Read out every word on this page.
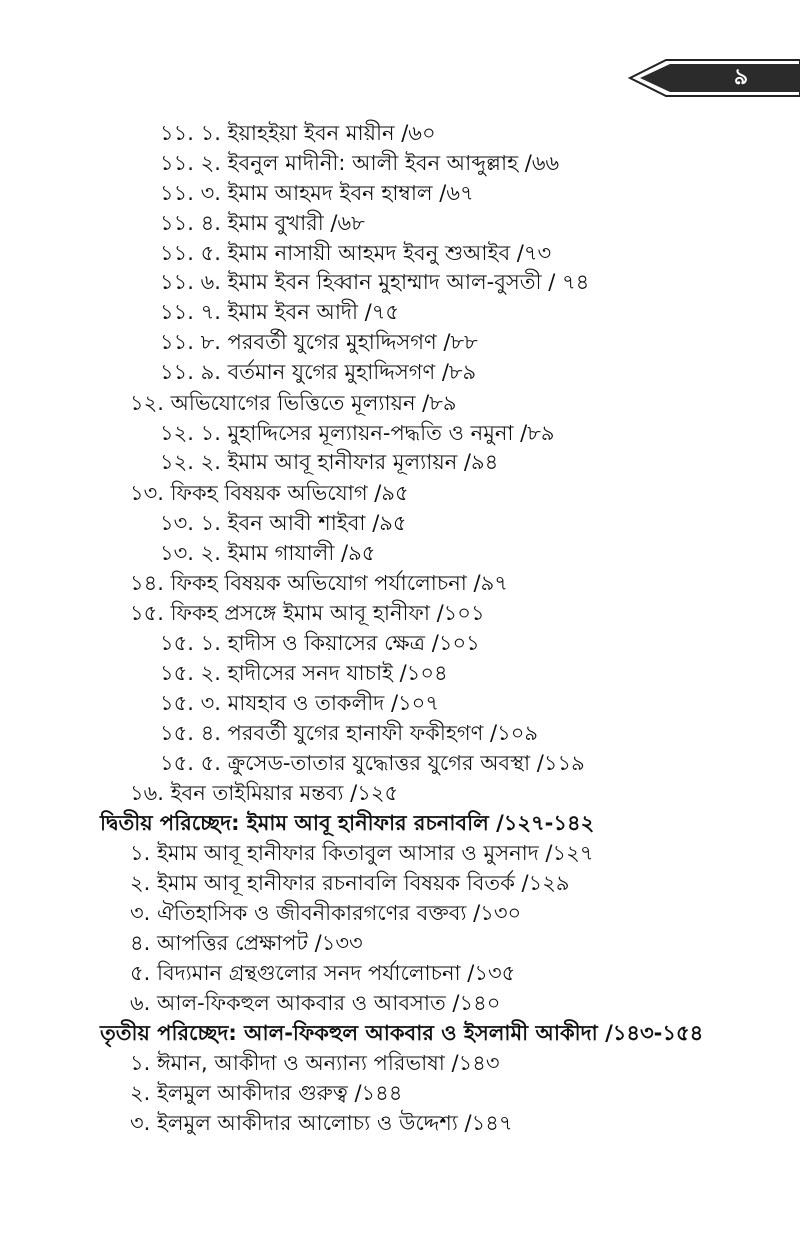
৯
১১. ১. ইয়াহইয়া ইবন মায়ীন /৬০
১১. ২. ইবনুল মাদীনী: আলী ইবন আব্দুল্লাহ /৬৬
১১. ৩. ইমাম আহমদ ইবন হাম্বাল /৬৭
১১. ৪. ইমাম বুখারী /৬৮
১১. ৫. ইমাম নাসায়ী আহমদ ইবনু শুআইব /৭৩
১১. ৬. ইমাম ইবন হিব্বান মুহাম্মাদ আল-বুসতী / ৭৪
১১. ৭. ইমাম ইবন আদী /৭৫
১১. ৮. পরবর্তী যুগের মুহাদ্দিসগণ /৮৮
১১. ৯. বর্তমান যুগের মুহাদ্দিসগণ /৮৯
১২. অভিযোগের ভিত্তিতে মূল্যায়ন /৮৯
১২. ১. মুহাদ্দিসের মূল্যায়ন-পদ্ধতি ও নমুনা /৮৯
১২. ২. ইমাম আবূ হানীফার মূল্যায়ন /৯৪
১৩. ফিকহ বিষয়ক অভিযোগ /৯৫
১৩. ১. ইবন আবী শাইবা /৯৫
১৩. ২. ইমাম গাযালী /৯৫
১৪. ফিকহ বিষয়ক অভিযোগ পর্যালোচনা /৯৭
১৫. ফিকহ প্রসঙ্গে ইমাম আবূ হানীফা /১০১
১৫. ১. হাদীস ও কিয়াসের ক্ষেত্র /১০১
১৫. ২. হাদীসের সনদ যাচাই /১০৪
১৫. ৩. মাযহাব ও তাকলীদ /১০৭
১৫. ৪. পরবর্তী যুগের হানাফী ফকীহগণ /১০৯
১৫. ৫. ক্রুসেড-তাতার যুদ্ধোত্তর যুগের অবস্থা /১১৯
১৬. ইবন তাইমিয়ার মন্তব্য /১২৫
দ্বিতীয় পরিচ্ছেদ: ইমাম আবূ হানীফার রচনাবলি /১২৭-১৪২
১. ইমাম আবূ হানীফার কিতাবুল আসার ও মুসনাদ /১২৭
২. ইমাম আবূ হানীফার রচনাবলি বিষয়ক বিতর্ক /১২৯
৩. ঐতিহাসিক ও জীবনীকারগণের বক্তব্য /১৩০
৪. আপত্তির প্রেক্ষাপট /১৩৩
৫. বিদ্যমান গ্রন্থগুলোর সনদ পর্যালোচনা /১৩৫
৬. আল-ফিকহুল আকবার ও আবসাত /১৪০
তৃতীয় পরিচ্ছেদ: আল-ফিকহুল আকবার ও ইসলামী আকীদা /১৪৩-১৫৪
১. ঈমান, আকীদা ও অন্যান্য পরিভাষা /১৪৩
২. ইলমুল আকীদার গুরুত্ব /১৪৪
৩. ইলমুল আকীদার আলোচ্য ও উদ্দেশ্য /১৪৭
